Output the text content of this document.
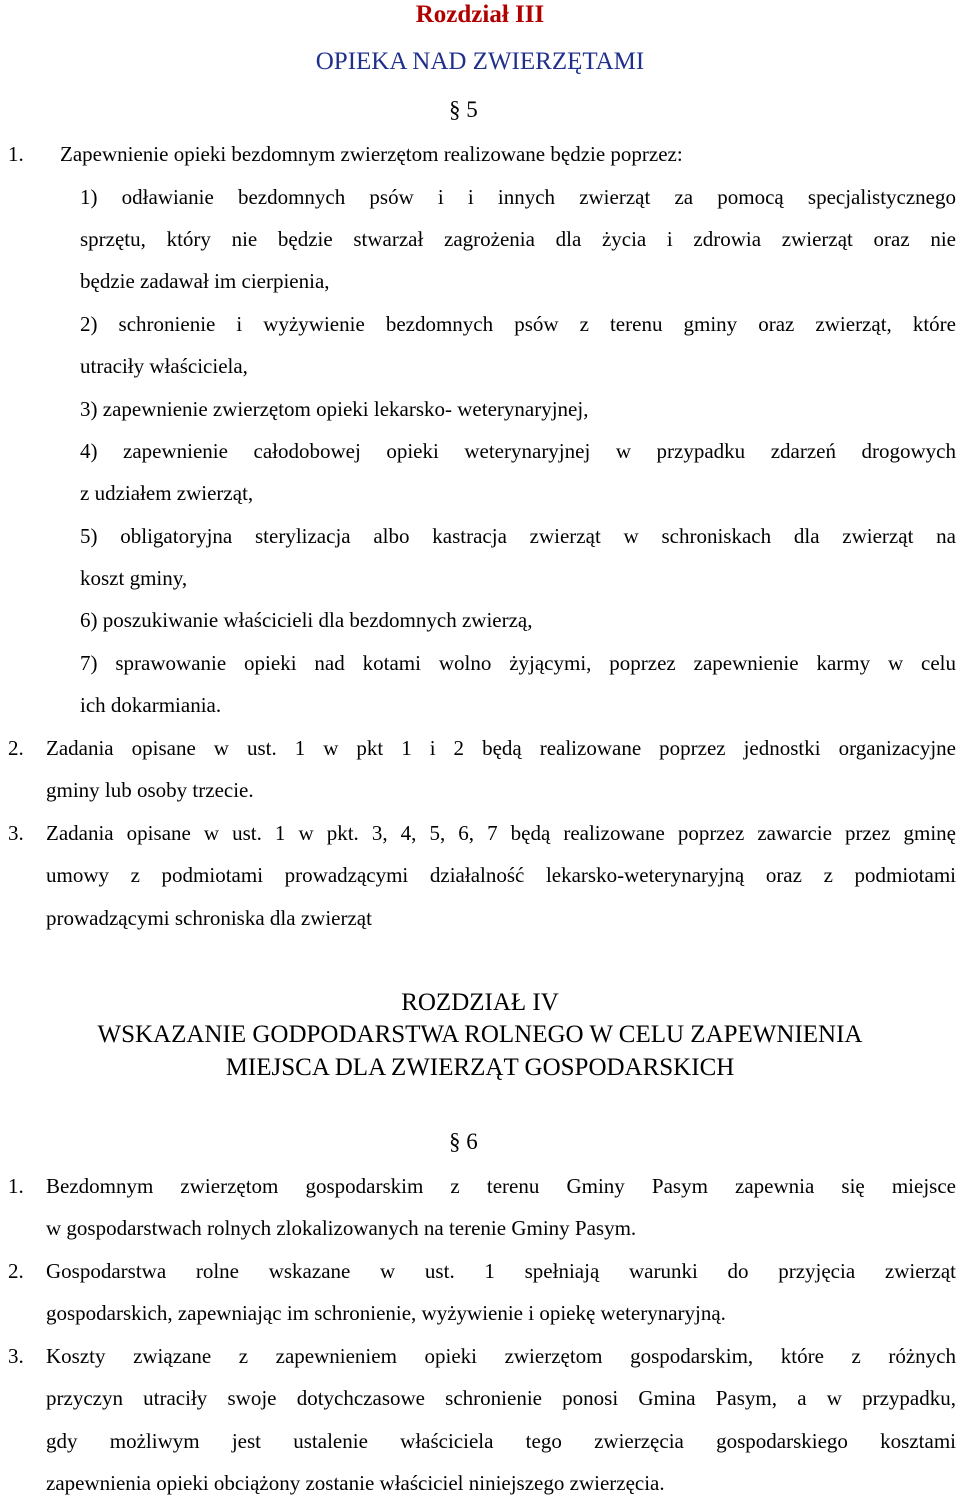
Rozdział III
OPIEKA NAD ZWIERZĘTAMI
§ 5
1. Zapewnienie opieki bezdomnym zwierzętom realizowane będzie poprzez:
1) odławianie bezdomnych psów i i innych zwierząt za pomocą specjalistycznego
sprzętu, który nie będzie stwarzał zagrożenia dla życia i zdrowia zwierząt oraz nie
będzie zadawał im cierpienia,
2) schronienie i wyżywienie bezdomnych psów z terenu gminy oraz zwierząt, które
utraciły właściciela,
3) zapewnienie zwierzętom opieki lekarsko- weterynaryjnej,
4) zapewnienie całodobowej opieki weterynaryjnej w przypadku zdarzeń drogowych
z udziałem zwierząt,
5) obligatoryjna sterylizacja albo kastracja zwierząt w schroniskach dla zwierząt na
koszt gminy,
6) poszukiwanie właścicieli dla bezdomnych zwierzą,
7) sprawowanie opieki nad kotami wolno żyjącymi, poprzez zapewnienie karmy w celu
ich dokarmiania.
2. Zadania opisane w ust. 1 w pkt 1 i 2 będą realizowane poprzez jednostki organizacyjne
gminy lub osoby trzecie.
3. Zadania opisane w ust. 1 w pkt. 3, 4, 5, 6, 7 będą realizowane poprzez zawarcie przez gminę
umowy z podmiotami prowadzącymi działalność lekarsko-weterynaryjną oraz z podmiotami
prowadzącymi schroniska dla zwierząt
ROZDZIAŁ IV
WSKAZANIE GODPODARSTWA ROLNEGO W CELU ZAPEWNIENIA
MIEJSCA DLA ZWIERZĄT GOSPODARSKICH
§ 6
1. Bezdomnym zwierzętom gospodarskim z terenu Gminy Pasym zapewnia się miejsce
w gospodarstwach rolnych zlokalizowanych na terenie Gminy Pasym.
2. Gospodarstwa rolne wskazane w ust. 1 spełniają warunki do przyjęcia zwierząt
gospodarskich, zapewniając im schronienie, wyżywienie i opiekę weterynaryjną.
3. Koszty związane z zapewnieniem opieki zwierzętom gospodarskim, które z różnych
przyczyn utraciły swoje dotychczasowe schronienie ponosi Gmina Pasym, a w przypadku,
gdy możliwym jest ustalenie właściciela tego zwierzęcia gospodarskiego kosztami
zapewnienia opieki obciążony zostanie właściciel niniejszego zwierzęcia.
